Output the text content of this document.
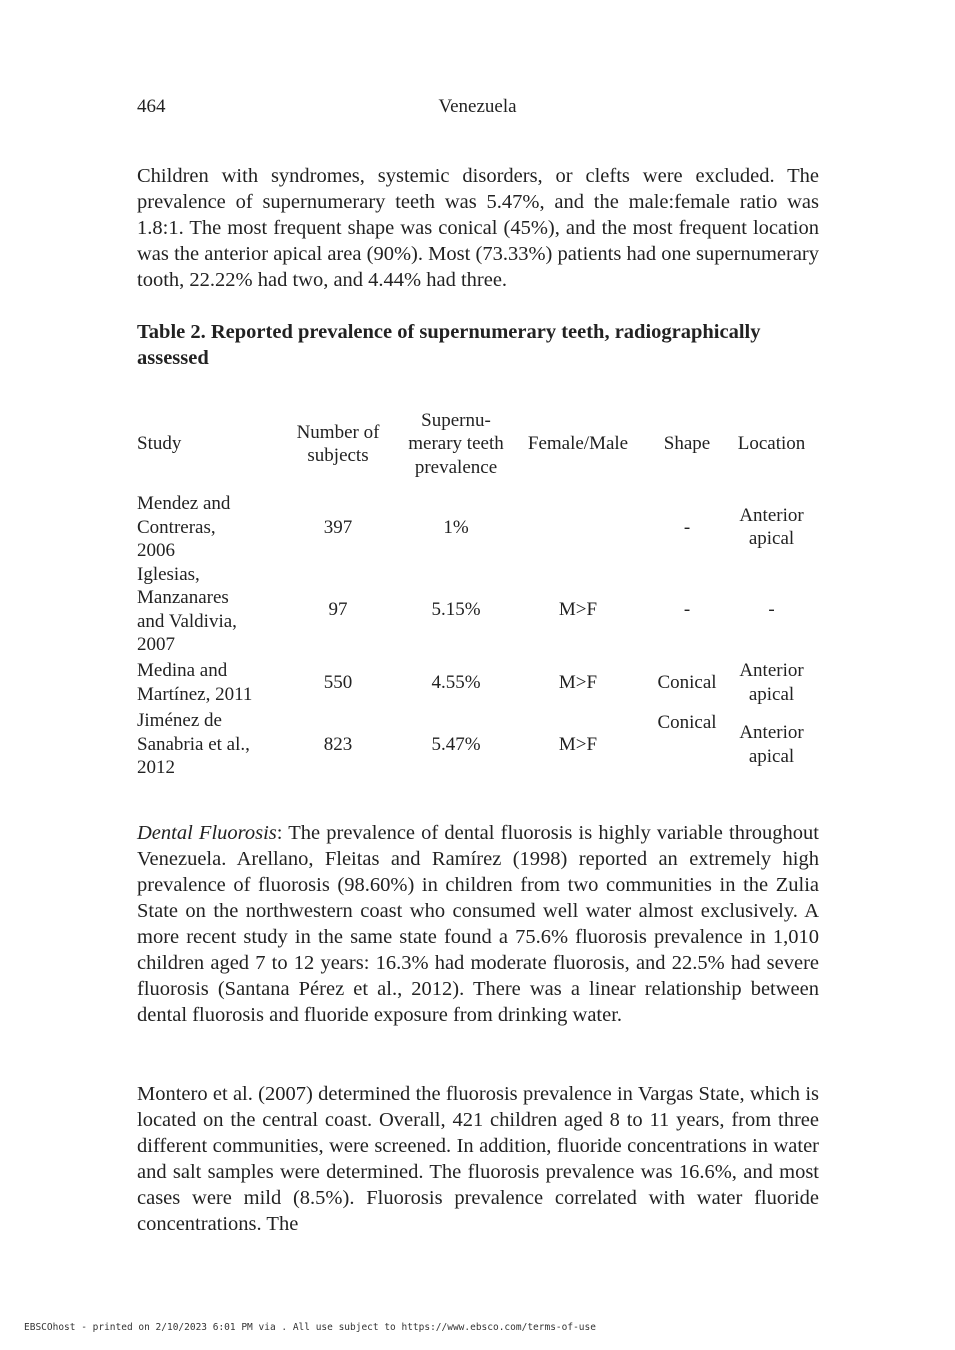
464	Venezuela

Children with syndromes, systemic disorders, or clefts were excluded. The prevalence of supernumerary teeth was 5.47%, and the male:female ratio was 1.8:1. The most frequent shape was conical (45%), and the most frequent location was the anterior apical area (90%). Most (73.33%) patients had one supernumerary tooth, 22.22% had two, and 4.44% had three.

Table 2. Reported prevalence of supernumerary teeth, radiographically assessed

Study	Number of subjects	Supernu-merary teeth prevalence	Female/Male	Shape	Location

Mendez and Contreras, 2006	397	1%		-	Anterior apical

Iglesias, Manzanares and Valdivia, 2007	97	5.15%	M>F	-	-

Medina and Martínez, 2011	550	4.55%	M>F	Conical	Anterior apical

Jiménez de Sanabria et al., 2012	823	5.47%	M>F	Conical	Anterior apical

Dental Fluorosis: The prevalence of dental fluorosis is highly variable throughout Venezuela. Arellano, Fleitas and Ramírez (1998) reported an extremely high prevalence of fluorosis (98.60%) in children from two communities in the Zulia State on the northwestern coast who consumed well water almost exclusively. A more recent study in the same state found a 75.6% fluorosis prevalence in 1,010 children aged 7 to 12 years: 16.3% had moderate fluorosis, and 22.5% had severe fluorosis (Santana Pérez et al., 2012). There was a linear relationship between dental fluorosis and fluoride exposure from drinking water.

Montero et al. (2007) determined the fluorosis prevalence in Vargas State, which is located on the central coast. Overall, 421 children aged 8 to 11 years, from three different communities, were screened. In addition, fluoride concentrations in water and salt samples were determined. The fluorosis prevalence was 16.6%, and most cases were mild (8.5%). Fluorosis prevalence correlated with water fluoride concentrations. The

EBSCOhost - printed on 2/10/2023 6:01 PM via . All use subject to https://www.ebsco.com/terms-of-use
